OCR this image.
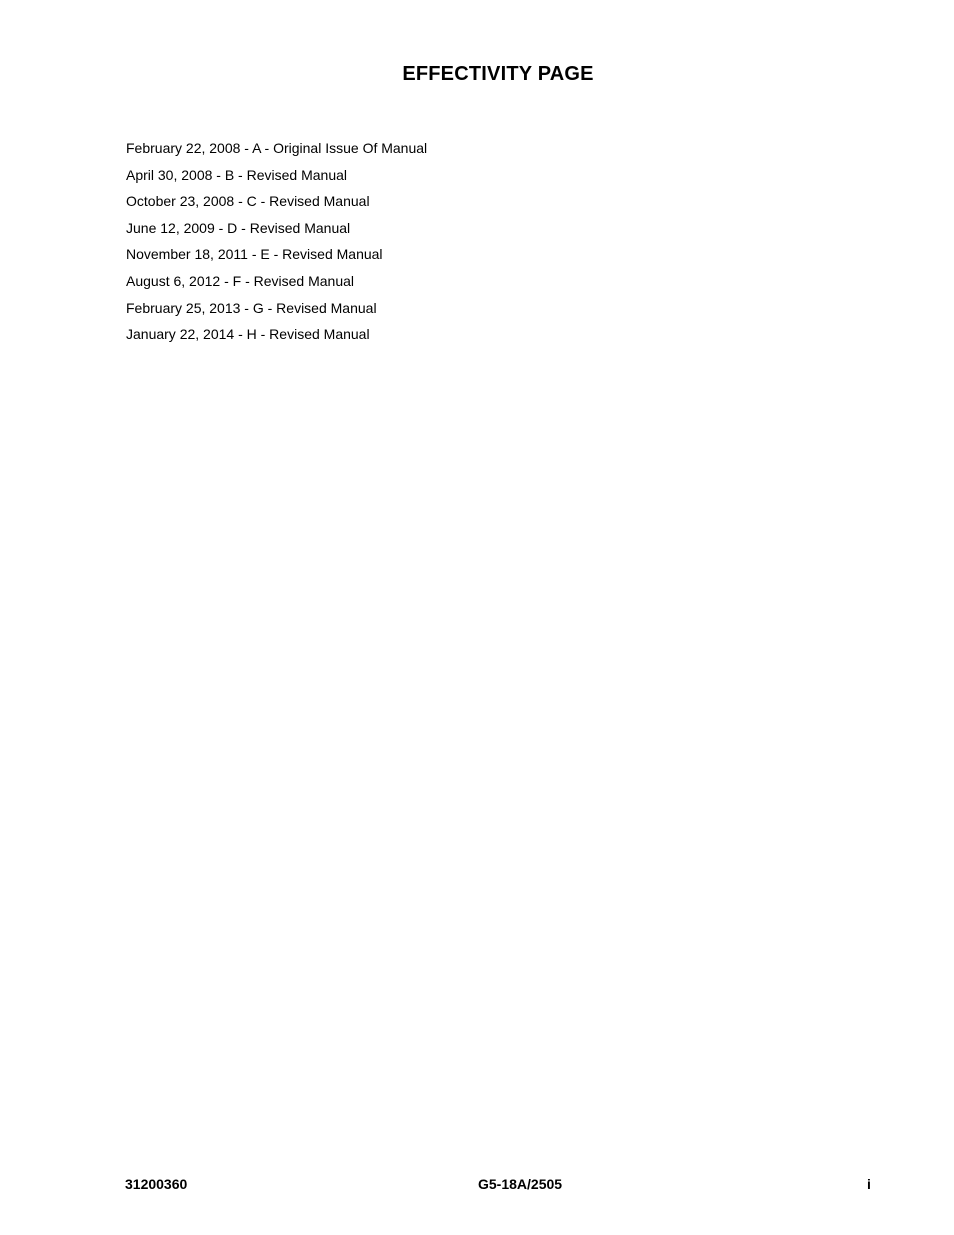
EFFECTIVITY PAGE
February 22, 2008 - A - Original Issue Of Manual
April 30, 2008 - B - Revised Manual
October 23, 2008 - C - Revised Manual
June 12, 2009 - D - Revised Manual
November 18, 2011 - E - Revised Manual
August 6, 2012 - F - Revised Manual
February 25, 2013 - G - Revised Manual
January 22, 2014 - H - Revised Manual
31200360	G5-18A/2505	i
